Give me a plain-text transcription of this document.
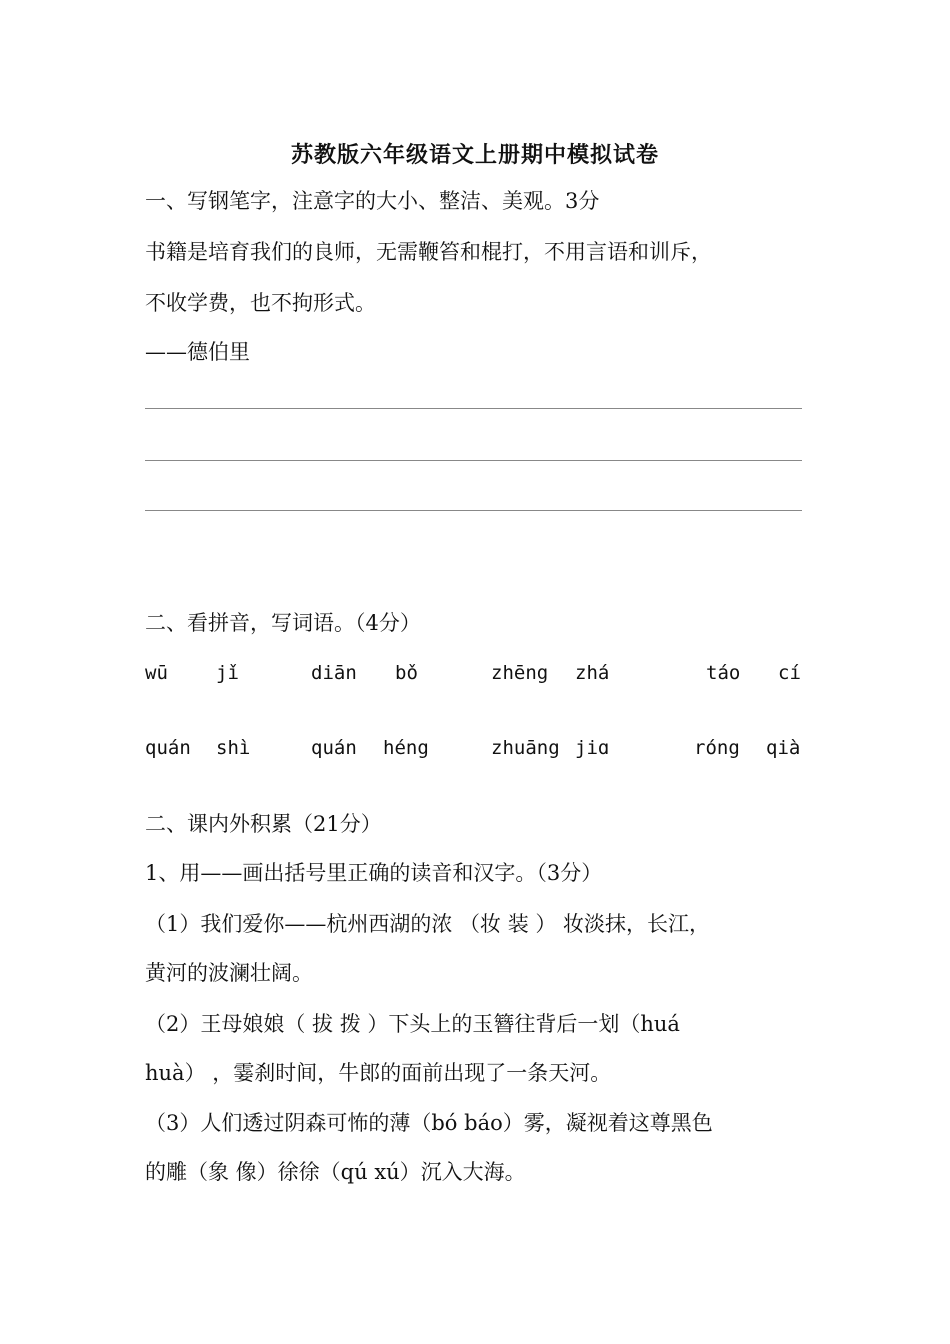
苏教版六年级语文上册期中模拟试卷
一、写钢笔字，注意字的大小、整洁、美观。3分
书籍是培育我们的良师，无需鞭笞和棍打，不用言语和训斥，
不收学费，也不拘形式。
——德伯里
二、看拼音，写词语。（4分）
wū	jǐ	diān bǒ	zhēng zhá	táo cí
quán shì	quán héng	zhuāng jiɑ	róng qià
二、课内外积累（21分）
1、用——画出括号里正确的读音和汉字。（3分）
（1）我们爱你——杭州西湖的浓 （妆 装 ） 妆淡抹，长江，
黄河的波澜壮阔。
（2）王母娘娘（ 拔 拨 ）下头上的玉簪往背后一划（huá
huà） ，霎刹时间，牛郎的面前出现了一条天河。
（3）人们透过阴森可怖的薄（bó báo）雾，凝视着这尊黑色
的雕（象 像）徐徐（qú xú）沉入大海。
